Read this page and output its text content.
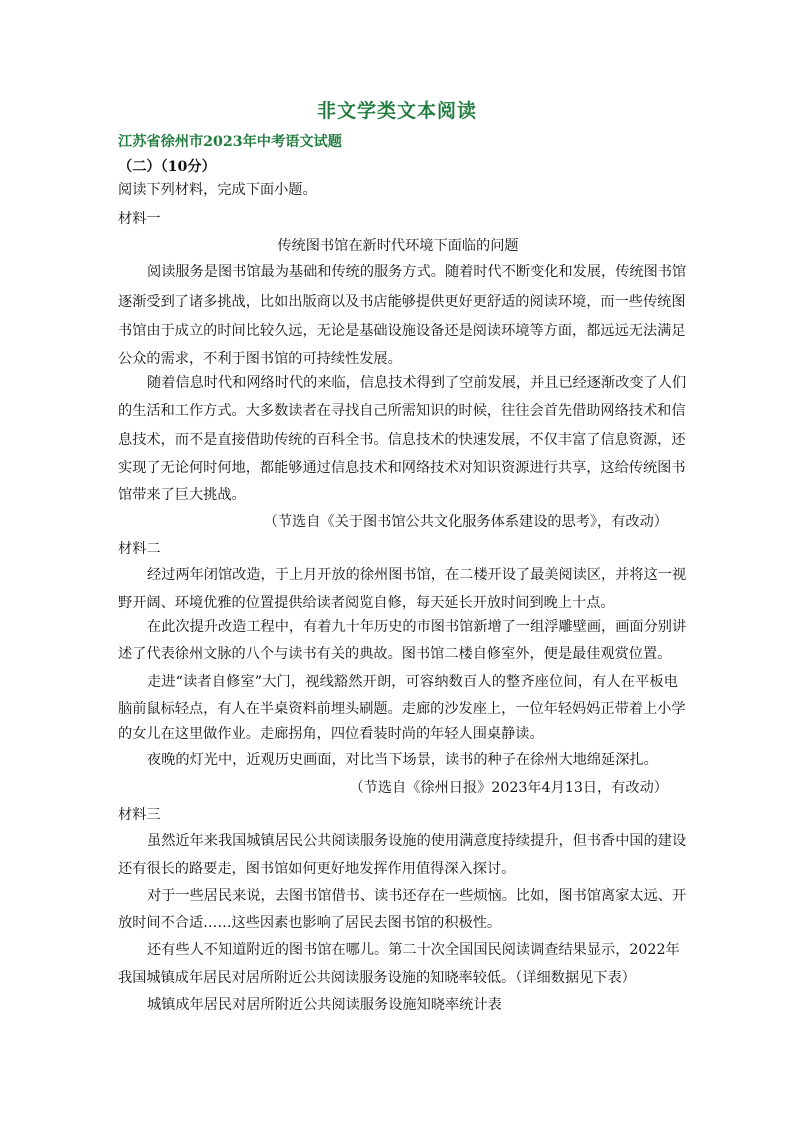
非文学类文本阅读
江苏省徐州市2023年中考语文试题
（二）（10分）
阅读下列材料，完成下面小题。
材料一
传统图书馆在新时代环境下面临的问题
阅读服务是图书馆最为基础和传统的服务方式。随着时代不断变化和发展，传统图书馆
逐渐受到了诸多挑战，比如出版商以及书店能够提供更好更舒适的阅读环境，而一些传统图
书馆由于成立的时间比较久远，无论是基础设施设备还是阅读环境等方面，都远远无法满足
公众的需求，不利于图书馆的可持续性发展。
随着信息时代和网络时代的来临，信息技术得到了空前发展，并且已经逐渐改变了人们
的生活和工作方式。大多数读者在寻找自己所需知识的时候，往往会首先借助网络技术和信
息技术，而不是直接借助传统的百科全书。信息技术的快速发展，不仅丰富了信息资源，还
实现了无论何时何地，都能够通过信息技术和网络技术对知识资源进行共享，这给传统图书
馆带来了巨大挑战。
（节选自《关于图书馆公共文化服务体系建设的思考》，有改动）
材料二
经过两年闭馆改造，于上月开放的徐州图书馆，在二楼开设了最美阅读区，并将这一视
野开阔、环境优雅的位置提供给读者阅览自修，每天延长开放时间到晚上十点。
在此次提升改造工程中，有着九十年历史的市图书馆新增了一组浮雕壁画，画面分别讲
述了代表徐州文脉的八个与读书有关的典故。图书馆二楼自修室外，便是最佳观赏位置。
走进“读者自修室”大门，视线豁然开朗，可容纳数百人的整齐座位间，有人在平板电
脑前鼠标轻点，有人在半桌资料前埋头刷题。走廊的沙发座上，一位年轻妈妈正带着上小学
的女儿在这里做作业。走廊拐角，四位看装时尚的年轻人围桌静读。
夜晚的灯光中，近观历史画面，对比当下场景，读书的种子在徐州大地绵延深扎。
（节选自《徐州日报》2023年4月13日，有改动）
材料三
虽然近年来我国城镇居民公共阅读服务设施的使用满意度持续提升，但书香中国的建设
还有很长的路要走，图书馆如何更好地发挥作用值得深入探讨。
对于一些居民来说，去图书馆借书、读书还存在一些烦恼。比如，图书馆离家太远、开
放时间不合适……这些因素也影响了居民去图书馆的积极性。
还有些人不知道附近的图书馆在哪儿。第二十次全国国民阅读调查结果显示，2022年
我国城镇成年居民对居所附近公共阅读服务设施的知晓率较低。（详细数据见下表）
城镇成年居民对居所附近公共阅读服务设施知晓率统计表
